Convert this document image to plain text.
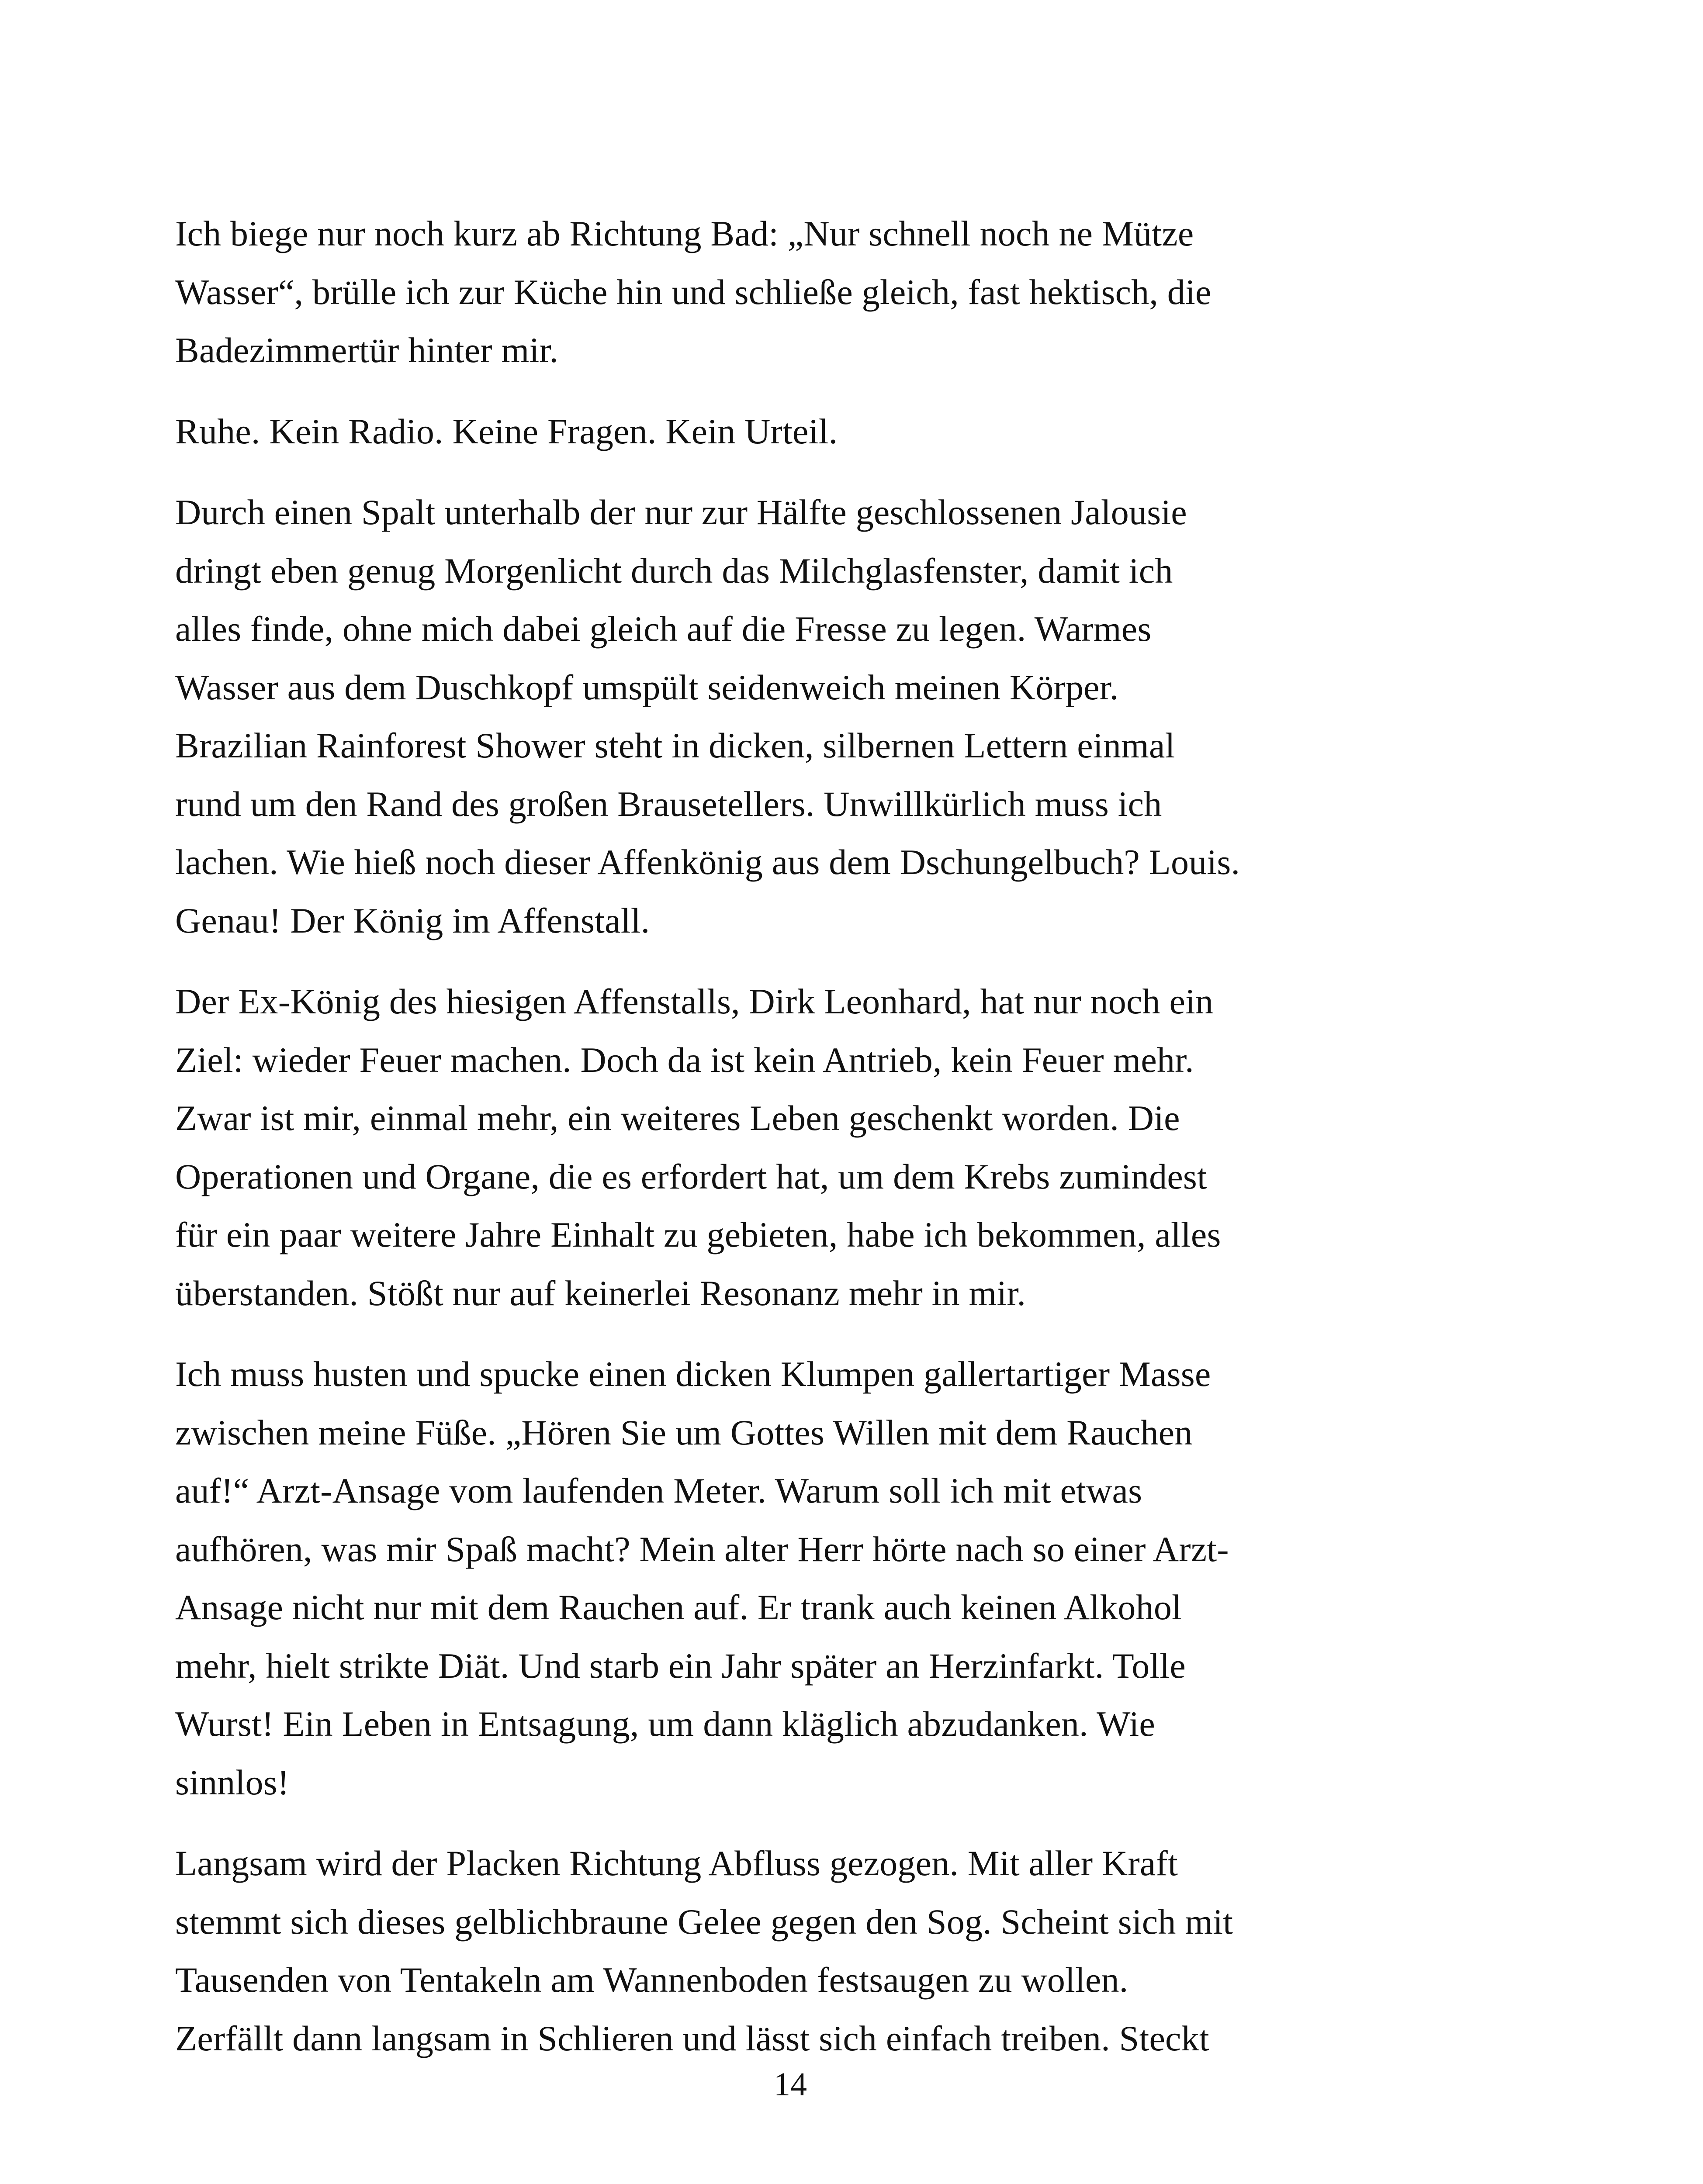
Ich biege nur noch kurz ab Richtung Bad: „Nur schnell noch ne Mütze
Wasser“, brülle ich zur Küche hin und schließe gleich, fast hektisch, die
Badezimmertür hinter mir.

Ruhe. Kein Radio. Keine Fragen. Kein Urteil.

Durch einen Spalt unterhalb der nur zur Hälfte geschlossenen Jalousie
dringt eben genug Morgenlicht durch das Milchglasfenster, damit ich
alles finde, ohne mich dabei gleich auf die Fresse zu legen. Warmes
Wasser aus dem Duschkopf umspült seidenweich meinen Körper.
Brazilian Rainforest Shower steht in dicken, silbernen Lettern einmal
rund um den Rand des großen Brausetellers. Unwillkürlich muss ich
lachen. Wie hieß noch dieser Affenkönig aus dem Dschungelbuch? Louis.
Genau! Der König im Affenstall.

Der Ex-König des hiesigen Affenstalls, Dirk Leonhard, hat nur noch ein
Ziel: wieder Feuer machen. Doch da ist kein Antrieb, kein Feuer mehr.
Zwar ist mir, einmal mehr, ein weiteres Leben geschenkt worden. Die
Operationen und Organe, die es erfordert hat, um dem Krebs zumindest
für ein paar weitere Jahre Einhalt zu gebieten, habe ich bekommen, alles
überstanden. Stößt nur auf keinerlei Resonanz mehr in mir.

Ich muss husten und spucke einen dicken Klumpen gallertartiger Masse
zwischen meine Füße. „Hören Sie um Gottes Willen mit dem Rauchen
auf!“ Arzt-Ansage vom laufenden Meter. Warum soll ich mit etwas
aufhören, was mir Spaß macht? Mein alter Herr hörte nach so einer Arzt-
Ansage nicht nur mit dem Rauchen auf. Er trank auch keinen Alkohol
mehr, hielt strikte Diät. Und starb ein Jahr später an Herzinfarkt. Tolle
Wurst! Ein Leben in Entsagung, um dann kläglich abzudanken. Wie
sinnlos!

Langsam wird der Placken Richtung Abfluss gezogen. Mit aller Kraft
stemmt sich dieses gelblichbraune Gelee gegen den Sog. Scheint sich mit
Tausenden von Tentakeln am Wannenboden festsaugen zu wollen.
Zerfällt dann langsam in Schlieren und lässt sich einfach treiben. Steckt

14
